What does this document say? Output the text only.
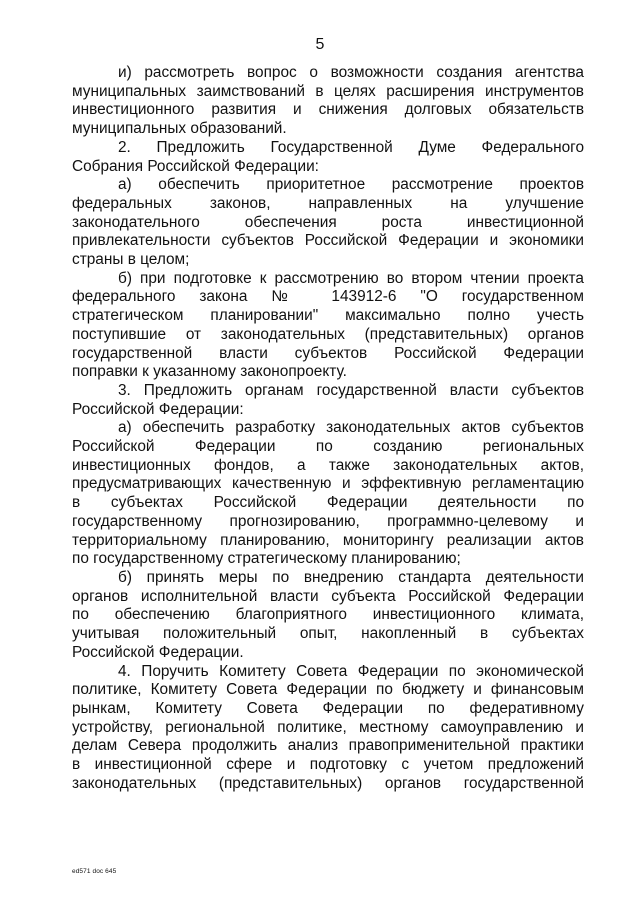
5

и) рассмотреть вопрос о возможности создания агентства
муниципальных заимствований в целях расширения инструментов
инвестиционного развития и снижения долговых обязательств
муниципальных образований.

2. Предложить Государственной Думе Федерального
Собрания Российской Федерации:

а) обеспечить приоритетное рассмотрение проектов
федеральных законов, направленных на улучшение
законодательного обеспечения роста инвестиционной
привлекательности субъектов Российской Федерации и экономики
страны в целом;

б) при подготовке к рассмотрению во втором чтении проекта
федерального закона № 143912-6 "О государственном
стратегическом планировании" максимально полно учесть
поступившие от законодательных (представительных) органов
государственной власти субъектов Российской Федерации
поправки к указанному законопроекту.

3. Предложить органам государственной власти субъектов
Российской Федерации:

а) обеспечить разработку законодательных актов субъектов
Российской Федерации по созданию региональных
инвестиционных фондов, а также законодательных актов,
предусматривающих качественную и эффективную регламентацию
в субъектах Российской Федерации деятельности по
государственному прогнозированию, программно-целевому и
территориальному планированию, мониторингу реализации актов
по государственному стратегическому планированию;

б) принять меры по внедрению стандарта деятельности
органов исполнительной власти субъекта Российской Федерации
по обеспечению благоприятного инвестиционного климата,
учитывая положительный опыт, накопленный в субъектах
Российской Федерации.

4. Поручить Комитету Совета Федерации по экономической
политике, Комитету Совета Федерации по бюджету и финансовым
рынкам, Комитету Совета Федерации по федеративному
устройству, региональной политике, местному самоуправлению и
делам Севера продолжить анализ правоприменительной практики
в инвестиционной сфере и подготовку с учетом предложений
законодательных (представительных) органов государственной

ed571 doc 645
